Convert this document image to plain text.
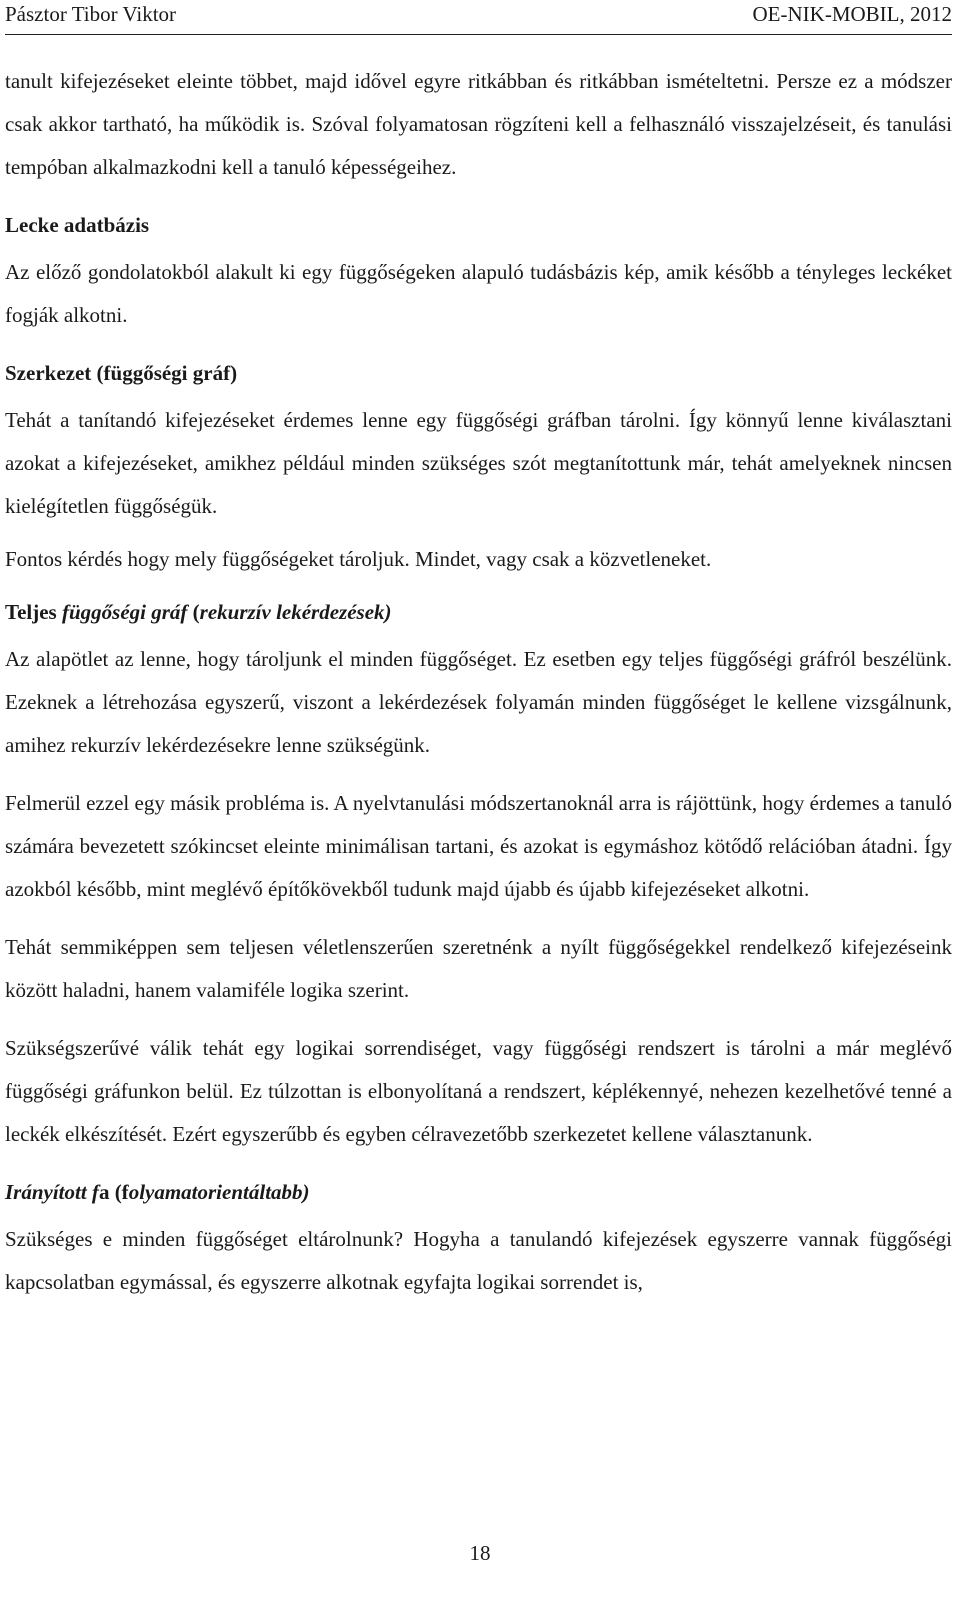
Pásztor Tibor Viktor	OE-NIK-MOBIL, 2012

tanult kifejezéseket eleinte többet, majd idővel egyre ritkábban és ritkábban ismételtetni. Persze ez a módszer csak akkor tartható, ha működik is. Szóval folyamatosan rögzíteni kell a felhasználó visszajelzéseit, és tanulási tempóban alkalmazkodni kell a tanuló képességeihez.

Lecke adatbázis

Az előző gondolatokból alakult ki egy függőségeken alapuló tudásbázis kép, amik később a tényleges leckéket fogják alkotni.

Szerkezet (függőségi gráf)

Tehát a tanítandó kifejezéseket érdemes lenne egy függőségi gráfban tárolni. Így könnyű lenne kiválasztani azokat a kifejezéseket, amikhez például minden szükséges szót megtanítottunk már, tehát amelyeknek nincsen kielégítetlen függőségük.

Fontos kérdés hogy mely függőségeket tároljuk. Mindet, vagy csak a közvetleneket.

Teljes függőségi gráf (rekurzív lekérdezések)

Az alapötlet az lenne, hogy tároljunk el minden függőséget. Ez esetben egy teljes függőségi gráfról beszélünk. Ezeknek a létrehozása egyszerű, viszont a lekérdezések folyamán minden függőséget le kellene vizsgálnunk, amihez rekurzív lekérdezésekre lenne szükségünk.

Felmerül ezzel egy másik probléma is. A nyelvtanulási módszertanoknál arra is rájöttünk, hogy érdemes a tanuló számára bevezetett szókincset eleinte minimálisan tartani, és azokat is egymáshoz kötődő relációban átadni. Így azokból később, mint meglévő építőkövekből tudunk majd újabb és újabb kifejezéseket alkotni.

Tehát semmiképpen sem teljesen véletlenszerűen szeretnénk a nyílt függőségekkel rendelkező kifejezéseink között haladni, hanem valamiféle logika szerint.

Szükségszerűvé válik tehát egy logikai sorrendiséget, vagy függőségi rendszert is tárolni a már meglévő függőségi gráfunkon belül. Ez túlzottan is elbonyolítaná a rendszert, képlékennyé, nehezen kezelhetővé tenné a leckék elkészítését. Ezért egyszerűbb és egyben célravezetőbb szerkezetet kellene választanunk.

Irányított fa (folyamatorientáltabb)

Szükséges e minden függőséget eltárolnunk? Hogyha a tanulandó kifejezések egyszerre vannak függőségi kapcsolatban egymással, és egyszerre alkotnak egyfajta logikai sorrendet is,

18
